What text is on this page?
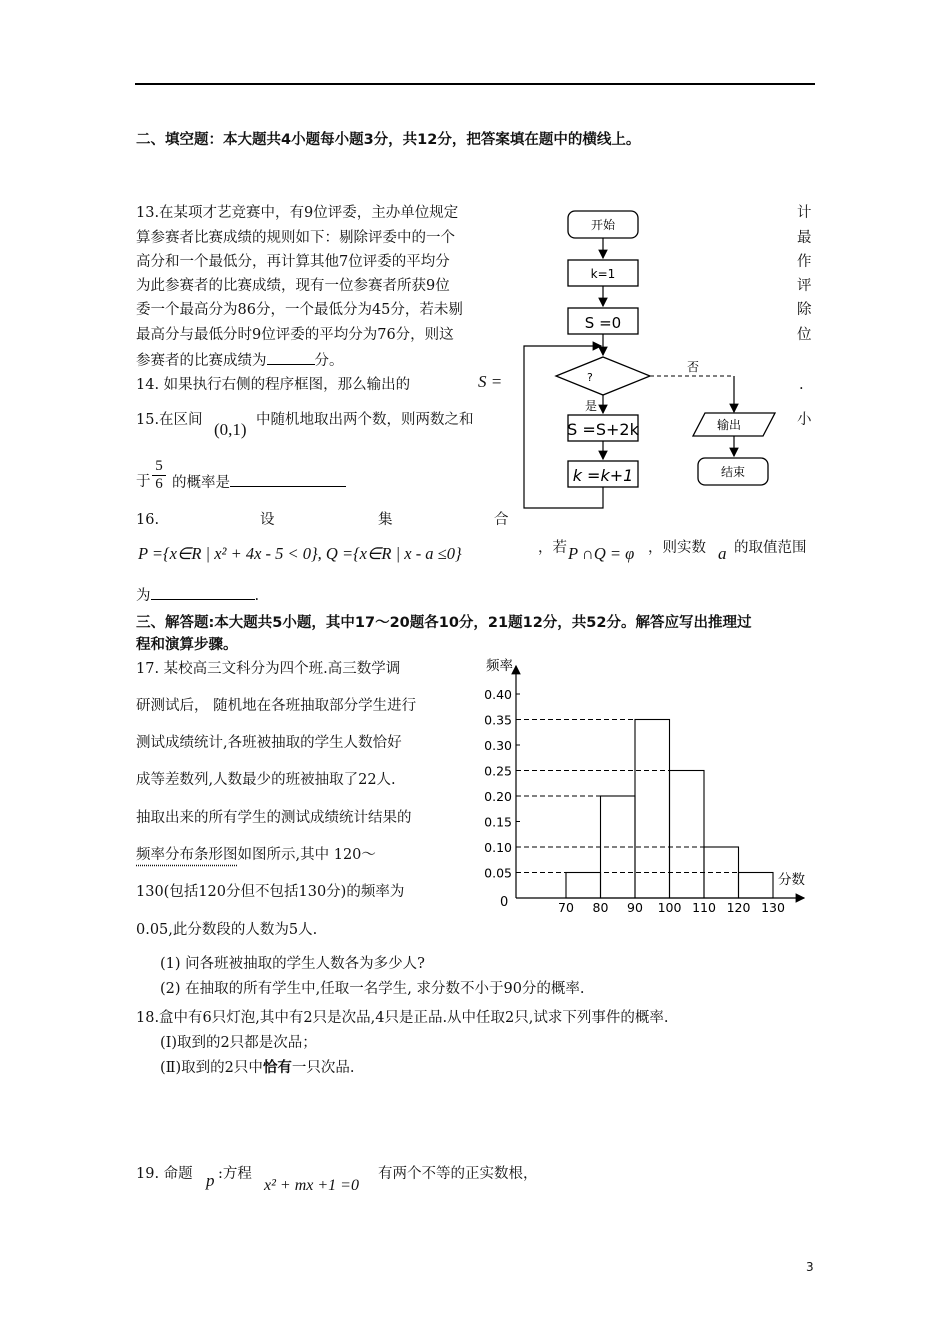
二、填空题：本大题共4小题每小题3分，共12分，把答案填在题中的横线上。
13.在某项才艺竞赛中，有9位评委，主办单位规定
算参赛者比赛成绩的规则如下：剔除评委中的一个
高分和一个最低分，再计算其他7位评委的平均分
为此参赛者的比赛成绩，现有一位参赛者所获9位
委一个最高分为86分，一个最低分为45分，若未剔
最高分与最低分时9位评委的平均分为76分，则这
参赛者的比赛成绩为	分。
计
最
作
评
除
位
14. 如果执行右侧的程序框图，那么输出的	S =	.
15.在区间 (0,1) 中随机地取出两个数，则两数之和	小
于 $\frac{5}{6}$ 的概率是
16.	设	集	合
P ={x∈R | x² + 4x - 5 < 0}, Q ={x∈R | x - a ≤0}	，若 P ∩Q = φ ，则实数 a 的取值范围
为	.
开始
k=1
S =0
?
否
是
S =S+2k
k =k+1
输出
结束
三、解答题:本大题共5小题，其中17～20题各10分，21题12分，共52分。解答应写出推理过
程和演算步骤。
17. 某校高三文科分为四个班.高三数学调
研测试后， 随机地在各班抽取部分学生进行
测试成绩统计,各班被抽取的学生人数恰好
成等差数列,人数最少的班被抽取了22人.
抽取出来的所有学生的测试成绩统计结果的
频率分布条形图如图所示,其中 120～
130(包括120分但不包括130分)的频率为
0.05,此分数段的人数为5人.
(1) 问各班被抽取的学生人数各为多少人?
(2) 在抽取的所有学生中,任取一名学生, 求分数不小于90分的概率.
频率
分数
0
0.40
0.35
0.30
0.25
0.20
0.15
0.10
0.05
70 80 90 100 110 120 130
18.盒中有6只灯泡,其中有2只是次品,4只是正品.从中任取2只,试求下列事件的概率.
(Ⅰ)取到的2只都是次品；
(Ⅱ)取到的2只中恰有一只次品.
19. 命题 p :方程
x² + mx +1 =0
有两个不等的正实数根，
3
